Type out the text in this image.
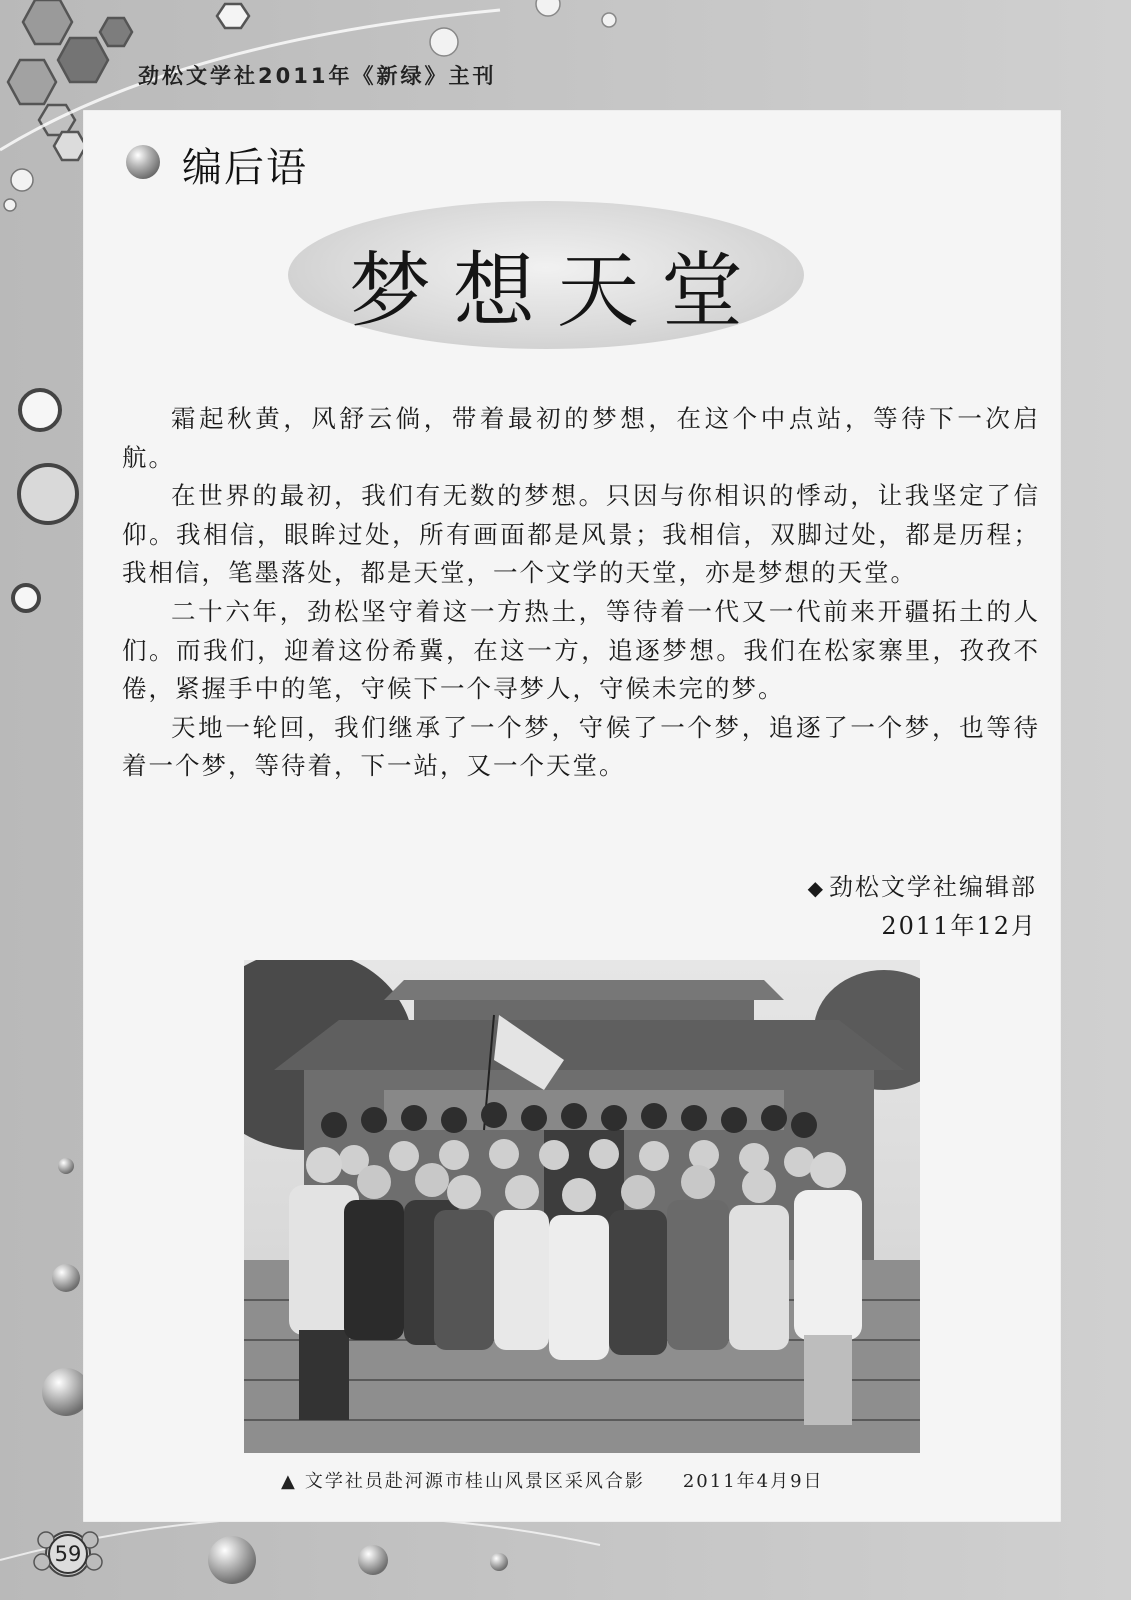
劲松文学社2011年《新绿》主刊
编后语
梦想天堂

霜起秋黄，风舒云倘，带着最初的梦想，在这个中点站，等待下一次启航。

在世界的最初，我们有无数的梦想。只因与你相识的悸动，让我坚定了信仰。我相信，眼眸过处，所有画面都是风景；我相信，双脚过处，都是历程；我相信，笔墨落处，都是天堂，一个文学的天堂，亦是梦想的天堂。

二十六年，劲松坚守着这一方热土，等待着一代又一代前来开疆拓土的人们。而我们，迎着这份希冀，在这一方，追逐梦想。我们在松家寨里，孜孜不倦，紧握手中的笔，守候下一个寻梦人，守候未完的梦。

天地一轮回，我们继承了一个梦，守候了一个梦，追逐了一个梦，也等待着一个梦，等待着，下一站，又一个天堂。

◆ 劲松文学社编辑部
2011年12月
▲ 文学社员赴河源市桂山风景区采风合影 2011年4月9日
59
